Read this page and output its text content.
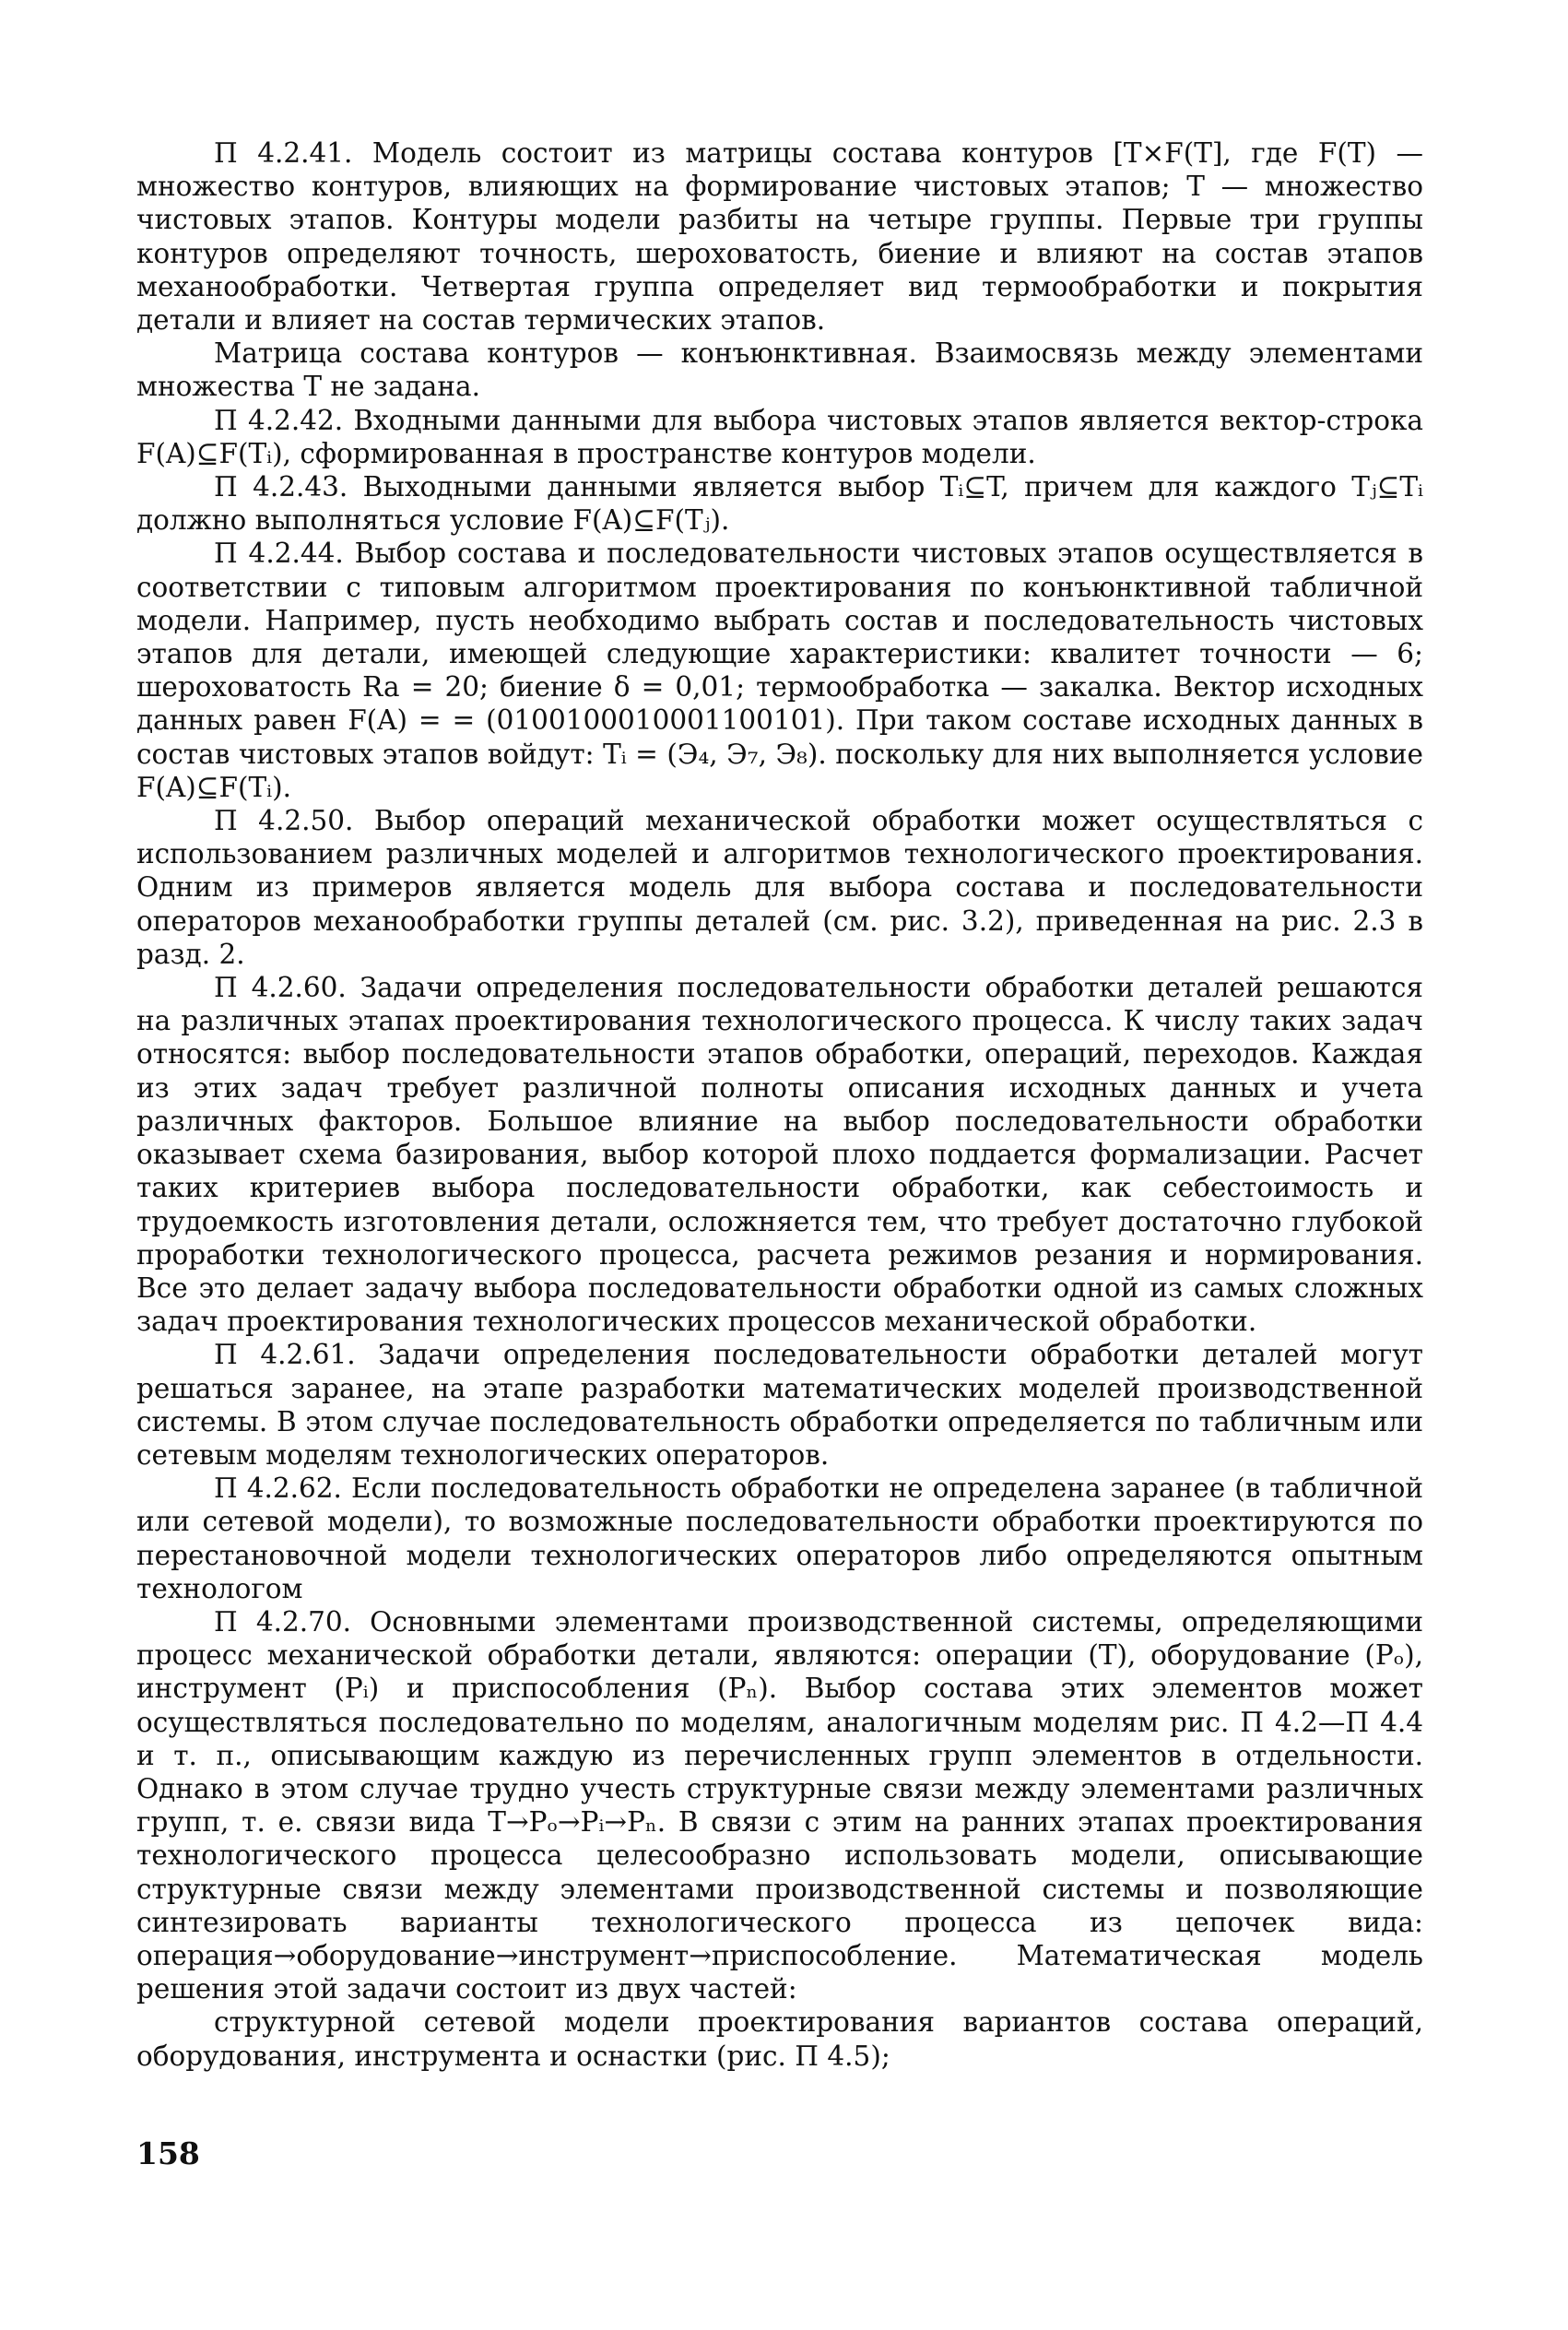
П 4.2.41. Модель состоит из матрицы состава контуров [T×F(T], где F(T) — множество контуров, влияющих на формирование чистовых этапов; T — множество чистовых этапов. Контуры модели разбиты на четыре группы. Первые три группы контуров определяют точность, шероховатость, биение и влияют на состав этапов механообработки. Четвертая группа определяет вид термообработки и покрытия детали и влияет на состав термических этапов.

Матрица состава контуров — конъюнктивная. Взаимосвязь между элементами множества T не задана.

П 4.2.42. Входными данными для выбора чистовых этапов является вектор-строка F(A)⊆F(Tᵢ), сформированная в пространстве контуров модели.

П 4.2.43. Выходными данными является выбор Tᵢ⊆T, причем для каждого Tⱼ⊆Tᵢ должно выполняться условие F(A)⊆F(Tⱼ).

П 4.2.44. Выбор состава и последовательности чистовых этапов осуществляется в соответствии с типовым алгоритмом проектирования по конъюнктивной табличной модели. Например, пусть необходимо выбрать состав и последовательность чистовых этапов для детали, имеющей следующие характеристики: квалитет точности — 6; шероховатость Ra = 20; биение δ = 0,01; термообработка — закалка. Вектор исходных данных равен F(A) = = (0100100010001100101). При таком составе исходных данных в состав чистовых этапов войдут: Tᵢ = (Э₄, Э₇, Э₈). поскольку для них выполняется условие F(A)⊆F(Tᵢ).

П 4.2.50. Выбор операций механической обработки может осуществляться с использованием различных моделей и алгоритмов технологического проектирования. Одним из примеров является модель для выбора состава и последовательности операторов механообработки группы деталей (см. рис. 3.2), приведенная на рис. 2.3 в разд. 2.

П 4.2.60. Задачи определения последовательности обработки деталей решаются на различных этапах проектирования технологического процесса. К числу таких задач относятся: выбор последовательности этапов обработки, операций, переходов. Каждая из этих задач требует различной полноты описания исходных данных и учета различных факторов. Большое влияние на выбор последовательности обработки оказывает схема базирования, выбор которой плохо поддается формализации. Расчет таких критериев выбора последовательности обработки, как себестоимость и трудоемкость изготовления детали, осложняется тем, что требует достаточно глубокой проработки технологического процесса, расчета режимов резания и нормирования. Все это делает задачу выбора последовательности обработки одной из самых сложных задач проектирования технологических процессов механической обработки.

П 4.2.61. Задачи определения последовательности обработки деталей могут решаться заранее, на этапе разработки математических моделей производственной системы. В этом случае последовательность обработки определяется по табличным или сетевым моделям технологических операторов.

П 4.2.62. Если последовательность обработки не определена заранее (в табличной или сетевой модели), то возможные последовательности обработки проектируются по перестановочной модели технологических операторов либо определяются опытным технологом

П 4.2.70. Основными элементами производственной системы, определяющими процесс механической обработки детали, являются: операции (T), оборудование (Pₒ), инструмент (Pᵢ) и приспособления (Pₙ). Выбор состава этих элементов может осуществляться последовательно по моделям, аналогичным моделям рис. П 4.2—П 4.4 и т. п., описывающим каждую из перечисленных групп элементов в отдельности. Однако в этом случае трудно учесть структурные связи между элементами различных групп, т. е. связи вида T→Pₒ→Pᵢ→Pₙ. В связи с этим на ранних этапах проектирования технологического процесса целесообразно использовать модели, описывающие структурные связи между элементами производственной системы и позволяющие синтезировать варианты технологического процесса из цепочек вида: операция→оборудование→инструмент→приспособление. Математическая модель решения этой задачи состоит из двух частей:

структурной сетевой модели проектирования вариантов состава операций, оборудования, инструмента и оснастки (рис. П 4.5);

158
